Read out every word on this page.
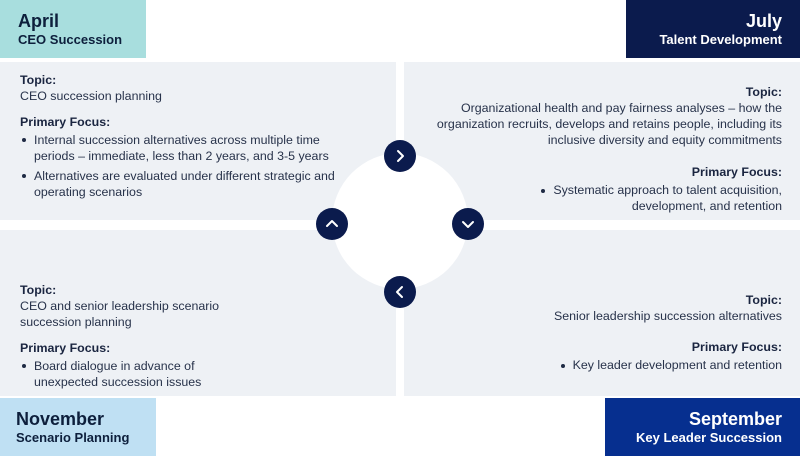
April
CEO Succession
July
Talent Development
November
Scenario Planning
September
Key Leader Succession
Topic:
CEO succession planning
Primary Focus:
Internal succession alternatives across multiple time periods – immediate, less than 2 years, and 3-5 years
Alternatives are evaluated under different strategic and operating scenarios
Topic:
Organizational health and pay fairness analyses – how the organization recruits, develops and retains people, including its inclusive diversity and equity commitments
Primary Focus:
Systematic approach to talent acquisition, development, and retention
Topic:
CEO and senior leadership scenario succession planning
Primary Focus:
Board dialogue in advance of unexpected succession issues
Topic:
Senior leadership succession alternatives
Primary Focus:
Key leader development and retention
